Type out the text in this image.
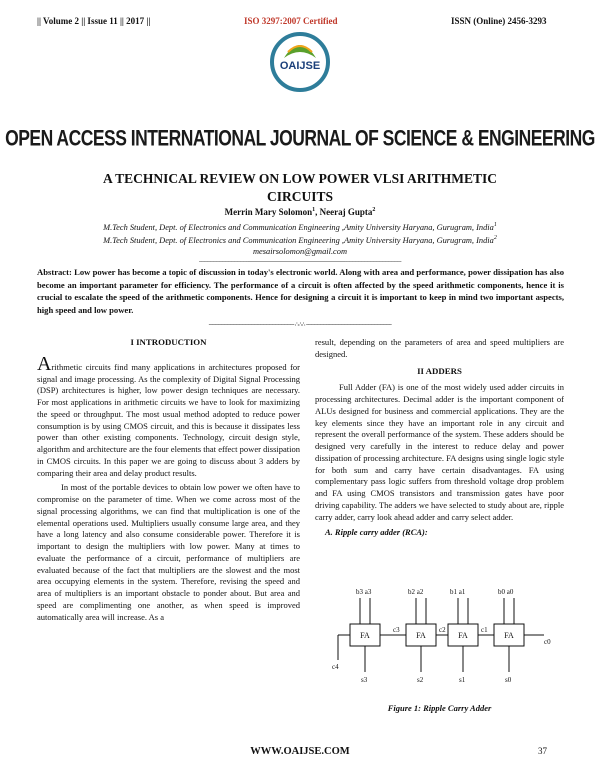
|| Volume 2 || Issue 11 || 2017 ||	ISO 3297:2007 Certified	ISSN (Online) 2456-3293
OAIJSE
OPEN ACCESS INTERNATIONAL JOURNAL OF SCIENCE & ENGINEERING
A TECHNICAL REVIEW ON LOW POWER VLSI ARITHMETIC
CIRCUITS
Merrin Mary Solomon$^1$, Neeraj Gupta$^2$
M.Tech Student, Dept. of Electronics and Communication Engineering ,Amity University Haryana, Gurugram, India$^1$
M.Tech Student, Dept. of Electronics and Communication Engineering ,Amity University Haryana, Gurugram, India$^2$
mesairsolomon@gmail.com
---------------------------------------------------------------------------------------------------------------------------------------
Abstract: Low power has become a topic of discussion in today's electronic world. Along with area and performance, power dissipation has also become an important parameter for efficiency. The performance of a circuit is often affected by the speed arithmetic components, hence it is crucial to escalate the speed of the arithmetic components. Hence for designing a circuit it is important to keep in mind two important aspects, high speed and low power.
--------------------------------------------------------- ∴∴∴ ---------------------------------------------------------
I INTRODUCTION

Arithmetic circuits find many applications in architectures proposed for signal and image processing. As the complexity of Digital Signal Processing (DSP) architectures is higher, low power design techniques are necessary. For most applications in arithmetic circuits we have to look for maximizing the speed or throughput. The most usual method adopted to reduce power consumption is by using CMOS circuit, and this is because it dissipates less power than other existing components. Technology, circuit design style, algorithm and architecture are the four elements that effect power dissipation in CMOS circuits. In this paper we are going to discuss about 3 adders by comparing their area and delay product results.

In most of the portable devices to obtain low power we often have to compromise on the parameter of time. When we come across most of the signal processing algorithms, we can find that multiplication is one of the elemental operations used. Multipliers usually consume large area, and they have a long latency and also consume considerable power. Therefore it is important to design the multipliers with low power. Many at times to evaluate the performance of a circuit, performance of multipliers are evaluated because of the fact that multipliers are the slowest and the most area occupying elements in the system. Therefore, revising the speed and area of multipliers is an important obstacle to ponder about. But area and speed are complimenting one another, as when speed is improved automatically area will increase. As a

result, depending on the parameters of area and speed multipliers are designed.

II ADDERS

Full Adder (FA) is one of the most widely used adder circuits in processing architectures. Decimal adder is the important component of ALUs designed for business and commercial applications. They are the key elements since they have an important role in any circuit and represent the overall performance of the system. These adders should be designed very carefully in the interest to reduce delay and power dissipation of processing architecture. FA designs using single logic style for both sum and carry have certain disadvantages. FA using complementary pass logic suffers from threshold voltage drop problem and FA using CMOS transistors and transmission gates have poor driving capability. The adders we have selected to study about are, ripple carry adder, carry look ahead adder and carry select adder.

A. Ripple carry adder (RCA):
FA	FA	FA	FA
b3 a3	b2 a2	b1 a1	b0 a0
c3	c2	c1
c0
c4
s3	s2	s1	s0
Figure 1: Ripple Carry Adder
WWW.OAIJSE.COM	37
